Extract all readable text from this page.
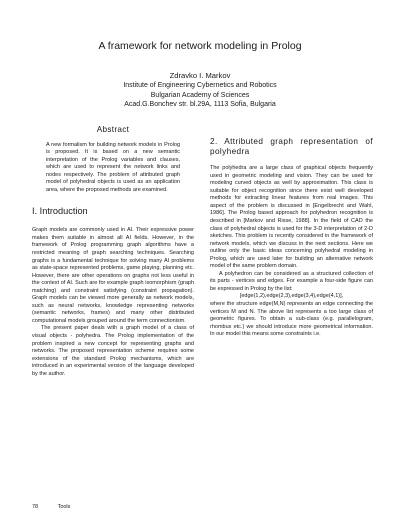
A framework for network modeling in Prolog
Zdravko I. Markov
Institute of Engineering Cybernetics and Robotics
Bulgarian Academy of Sciences
Acad.G.Bonchev str. bl.29A, 1113 Sofia, Bulgaria
Abstract

A new formalism for building network models in Prolog is proposed. It is based on a new semantic interpretation of the Prolog variables and clauses, which are used to represent the network links and nodes respectively. The problem of attributed graph model of polyhedral objects is used as an application area, where the proposed methods are examined.

I. Introduction

Graph models are commonly used in AI. Their expressive power makes them suitable in almost all AI fields. However, in the framework of Prolog programming graph algorithms have a restricted meaning of graph searching techniques. Searching graphs is a fundamental technique for solving many AI problems as state-space represented problems, game playing, planning etc. However, there are other operations on graphs not less useful in the context of AI. Such are for example graph isomorphism (graph matching) and constraint satisfying (constraint propagation). Graph models can be viewed more generally as network models, such as neural networks, knowledge representing networks (semantic networks, frames) and many other distributed computational models grouped around the term connectionism.

The present paper deals with a graph model of a class of visual objects - polyhedra. The Prolog implementation of the problem inspired a new concept for representing graphs and networks. The proposed representation scheme requires some extensions of the standard Prolog mechanisms, which are introduced in an experimental version of the language developed by the author.

2. Attributed graph representation of polyhedra

The polyhedra are a large class of graphical objects frequently used in geometric modeling and vision. They can be used for modeling curved objects as well by approximation. This class is suitable for object recognition since there exist well developed methods for extracting linear features from real images. This aspect of the problem is discussed in [Engelbrecht and Wahl, 1986]. The Prolog based approach for polyhedron recognition is described in [Markov and Risse, 1988]. In the field of CAD the class of polyhedral objects is used for the 3-D interpretation of 2-D sketches. This problem is recently considered in the framework of network models, which we discuss in the next sections. Here we outline only the basic ideas concerning polyhedral modeling in Prolog, which are used later for building an alternative network model of the same problem domain.

A polyhedron can be considered as a structured collection of its parts - vertices and edges. For example a four-side figure can be expressed in Prolog by the list:

[edge(1,2),edge(2,3),edge(3,4),edge(4,1)],

where the structure edge(M,N) represents an edge connecting the vertices M and N. The above list represents a too large class of geometric figures. To obtain a sub-class (e.g. parallelogram, rhombus etc.) we should introduce more geometrical information. In our model this means some constraints i.e.

78	Tools
